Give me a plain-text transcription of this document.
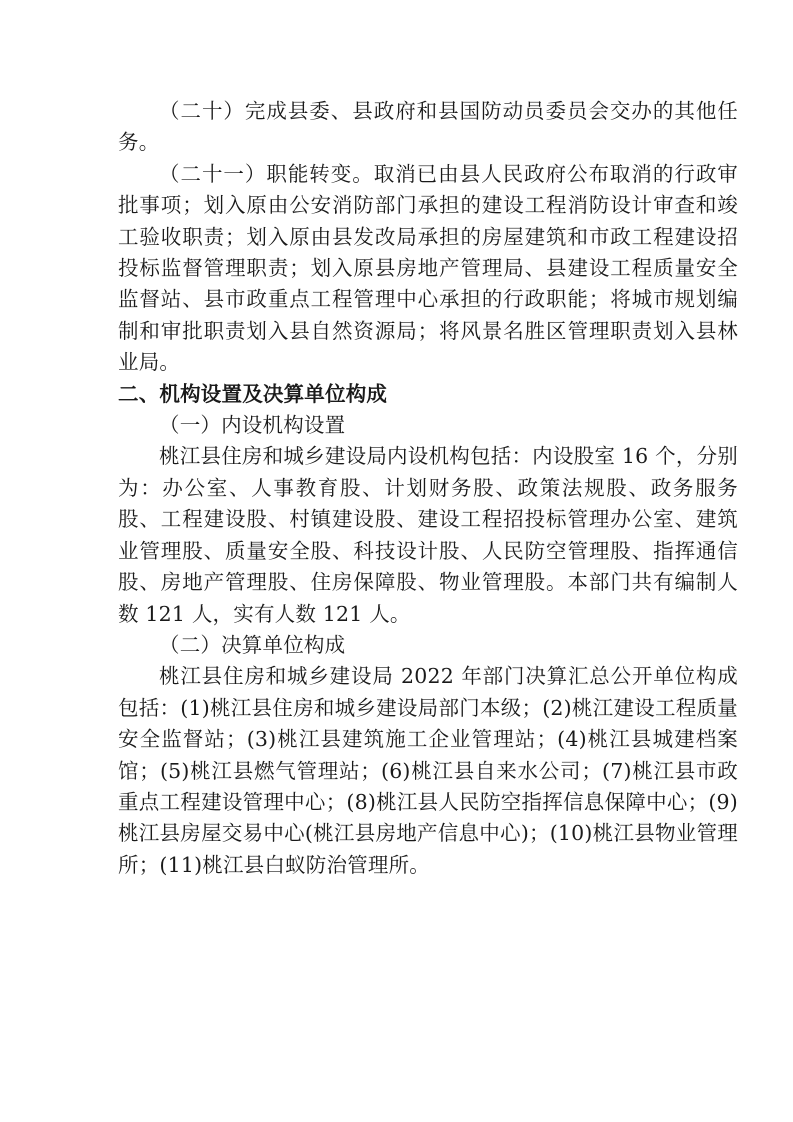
（二十）完成县委、县政府和县国防动员委员会交办的其他任务。

（二十一）职能转变。取消已由县人民政府公布取消的行政审批事项；划入原由公安消防部门承担的建设工程消防设计审查和竣工验收职责；划入原由县发改局承担的房屋建筑和市政工程建设招投标监督管理职责；划入原县房地产管理局、县建设工程质量安全监督站、县市政重点工程管理中心承担的行政职能；将城市规划编制和审批职责划入县自然资源局；将风景名胜区管理职责划入县林业局。

二、机构设置及决算单位构成

（一）内设机构设置

桃江县住房和城乡建设局内设机构包括：内设股室 16 个，分别为：办公室、人事教育股、计划财务股、政策法规股、政务服务股、工程建设股、村镇建设股、建设工程招投标管理办公室、建筑业管理股、质量安全股、科技设计股、人民防空管理股、指挥通信股、房地产管理股、住房保障股、物业管理股。本部门共有编制人数 121 人，实有人数 121 人。

（二）决算单位构成

桃江县住房和城乡建设局 2022 年部门决算汇总公开单位构成包括：(1)桃江县住房和城乡建设局部门本级；(2)桃江建设工程质量安全监督站；(3)桃江县建筑施工企业管理站；(4)桃江县城建档案馆；(5)桃江县燃气管理站；(6)桃江县自来水公司；(7)桃江县市政重点工程建设管理中心；(8)桃江县人民防空指挥信息保障中心；(9)桃江县房屋交易中心(桃江县房地产信息中心)；(10)桃江县物业管理所；(11)桃江县白蚁防治管理所。
